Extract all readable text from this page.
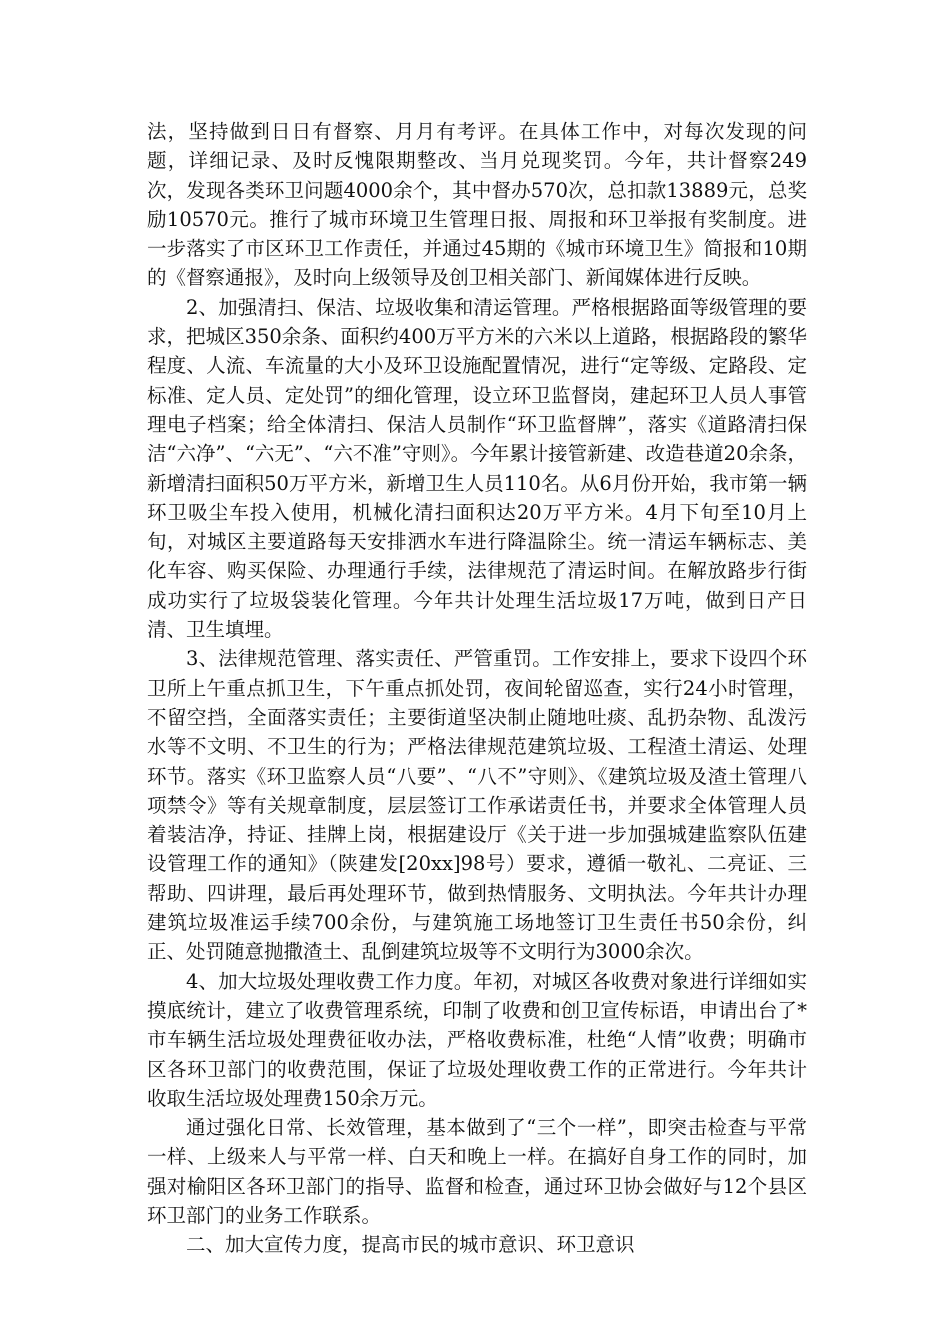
法，坚持做到日日有督察、月月有考评。在具体工作中，对每次发现的问题，详细记录、及时反愧限期整改、当月兑现奖罚。今年，共计督察249次，发现各类环卫问题4000余个，其中督办570次，总扣款13889元，总奖励10570元。推行了城市环境卫生管理日报、周报和环卫举报有奖制度。进一步落实了市区环卫工作责任，并通过45期的《城市环境卫生》简报和10期的《督察通报》，及时向上级领导及创卫相关部门、新闻媒体进行反映。

2、加强清扫、保洁、垃圾收集和清运管理。严格根据路面等级管理的要求，把城区350余条、面积约400万平方米的六米以上道路，根据路段的繁华程度、人流、车流量的大小及环卫设施配置情况，进行“定等级、定路段、定标准、定人员、定处罚”的细化管理，设立环卫监督岗，建起环卫人员人事管理电子档案；给全体清扫、保洁人员制作“环卫监督牌”，落实《道路清扫保洁“六净”、“六无”、“六不准”守则》。今年累计接管新建、改造巷道20余条，新增清扫面积50万平方米，新增卫生人员110名。从6月份开始，我市第一辆环卫吸尘车投入使用，机械化清扫面积达20万平方米。4月下旬至10月上旬，对城区主要道路每天安排洒水车进行降温除尘。统一清运车辆标志、美化车容、购买保险、办理通行手续，法律规范了清运时间。在解放路步行街成功实行了垃圾袋装化管理。今年共计处理生活垃圾17万吨，做到日产日清、卫生填埋。

3、法律规范管理、落实责任、严管重罚。工作安排上，要求下设四个环卫所上午重点抓卫生，下午重点抓处罚，夜间轮留巡查，实行24小时管理，不留空挡，全面落实责任；主要街道坚决制止随地吐痰、乱扔杂物、乱泼污水等不文明、不卫生的行为；严格法律规范建筑垃圾、工程渣土清运、处理环节。落实《环卫监察人员“八要”、“八不”守则》、《建筑垃圾及渣土管理八项禁令》等有关规章制度，层层签订工作承诺责任书，并要求全体管理人员着装洁净，持证、挂牌上岗，根据建设厅《关于进一步加强城建监察队伍建设管理工作的通知》（陕建发[20xx]98号）要求，遵循一敬礼、二亮证、三帮助、四讲理，最后再处理环节，做到热情服务、文明执法。今年共计办理建筑垃圾准运手续700余份，与建筑施工场地签订卫生责任书50余份，纠正、处罚随意抛撒渣土、乱倒建筑垃圾等不文明行为3000余次。

4、加大垃圾处理收费工作力度。年初，对城区各收费对象进行详细如实摸底统计，建立了收费管理系统，印制了收费和创卫宣传标语，申请出台了*市车辆生活垃圾处理费征收办法，严格收费标准，杜绝“人情”收费；明确市区各环卫部门的收费范围，保证了垃圾处理收费工作的正常进行。今年共计收取生活垃圾处理费150余万元。

通过强化日常、长效管理，基本做到了“三个一样”，即突击检查与平常一样、上级来人与平常一样、白天和晚上一样。在搞好自身工作的同时，加强对榆阳区各环卫部门的指导、监督和检查，通过环卫协会做好与12个县区环卫部门的业务工作联系。

二、加大宣传力度，提高市民的城市意识、环卫意识
